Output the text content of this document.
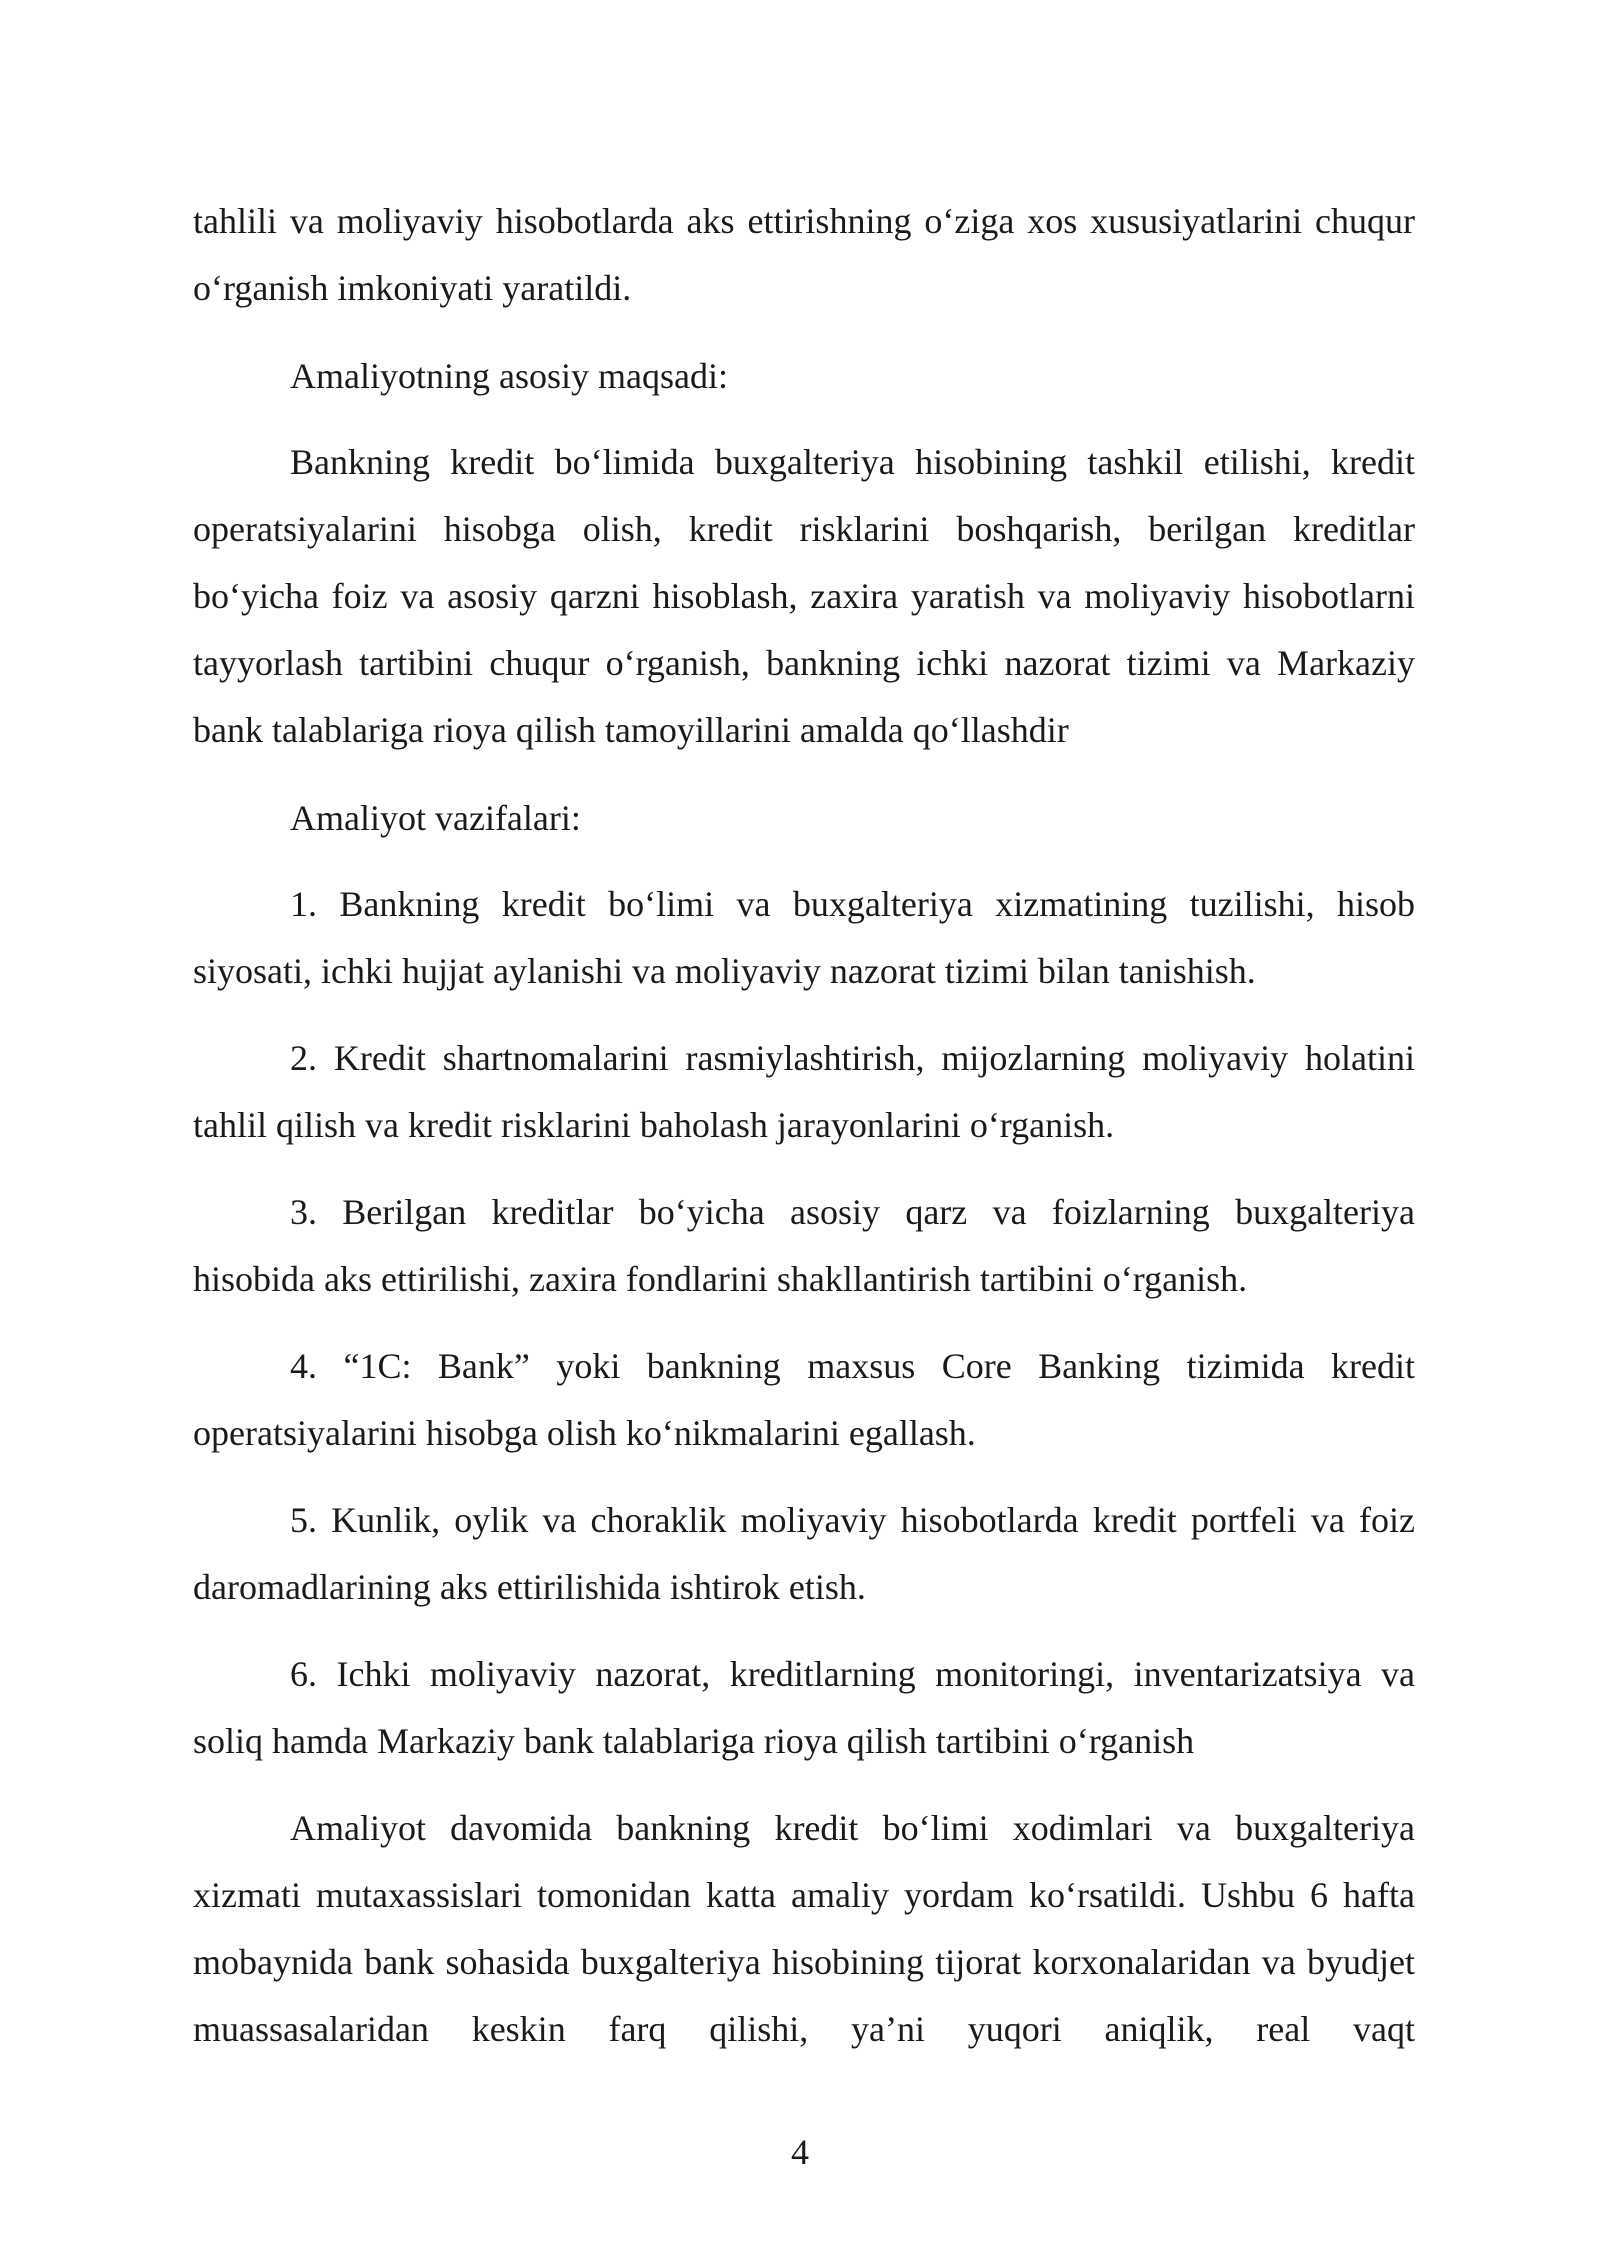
tahlili va moliyaviy hisobotlarda aks ettirishning o‘ziga xos xususiyatlarini chuqur o‘rganish imkoniyati yaratildi.

Amaliyotning asosiy maqsadi:

Bankning kredit bo‘limida buxgalteriya hisobining tashkil etilishi, kredit operatsiyalarini hisobga olish, kredit risklarini boshqarish, berilgan kreditlar bo‘yicha foiz va asosiy qarzni hisoblash, zaxira yaratish va moliyaviy hisobotlarni tayyorlash tartibini chuqur o‘rganish, bankning ichki nazorat tizimi va Markaziy bank talablariga rioya qilish tamoyillarini amalda qo‘llashdir

Amaliyot vazifalari:

1. Bankning kredit bo‘limi va buxgalteriya xizmatining tuzilishi, hisob siyosati, ichki hujjat aylanishi va moliyaviy nazorat tizimi bilan tanishish.

2. Kredit shartnomalarini rasmiylashtirish, mijozlarning moliyaviy holatini tahlil qilish va kredit risklarini baholash jarayonlarini o‘rganish.

3. Berilgan kreditlar bo‘yicha asosiy qarz va foizlarning buxgalteriya hisobida aks ettirilishi, zaxira fondlarini shakllantirish tartibini o‘rganish.

4. “1C: Bank” yoki bankning maxsus Core Banking tizimida kredit operatsiyalarini hisobga olish ko‘nikmalarini egallash.

5. Kunlik, oylik va choraklik moliyaviy hisobotlarda kredit portfeli va foiz daromadlarining aks ettirilishida ishtirok etish.

6. Ichki moliyaviy nazorat, kreditlarning monitoringi, inventarizatsiya va soliq hamda Markaziy bank talablariga rioya qilish tartibini o‘rganish

Amaliyot davomida bankning kredit bo‘limi xodimlari va buxgalteriya xizmati mutaxassislari tomonidan katta amaliy yordam ko‘rsatildi. Ushbu 6 hafta mobaynida bank sohasida buxgalteriya hisobining tijorat korxonalaridan va byudjet muassasalaridan keskin farq qilishi, ya’ni yuqori aniqlik, real vaqt

4
